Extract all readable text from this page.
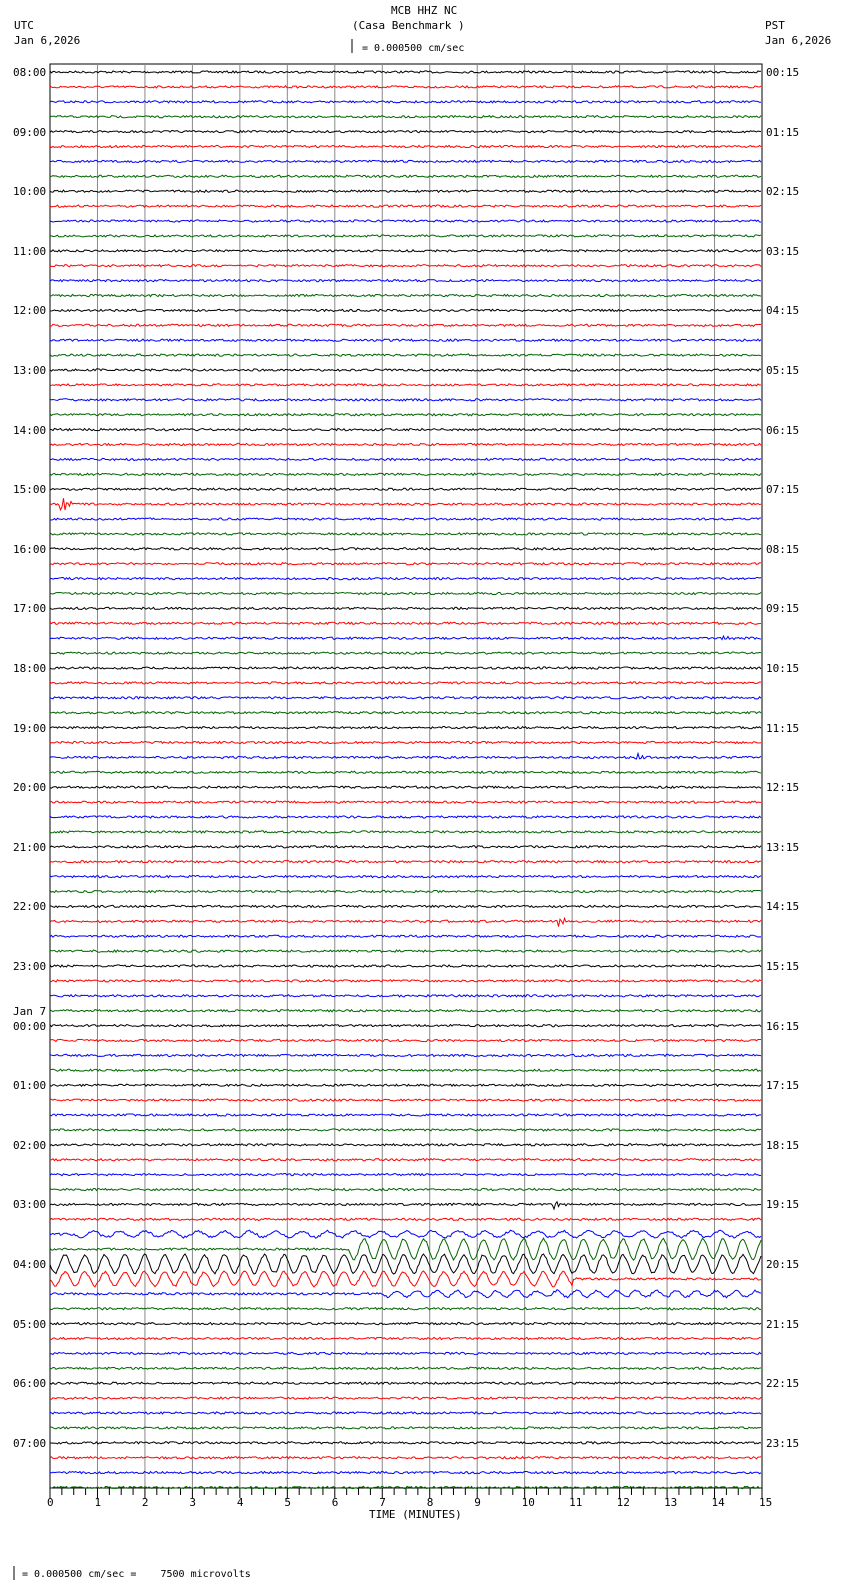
MCB HHZ NC
(Casa Benchmark )
UTC
Jan 6,2026
PST
Jan 6,2026
= 0.000500 cm/sec
TIME (MINUTES)
= 0.000500 cm/sec =    7500 microvolts
0	1	2	3	4	5	6	7	8	9	10	11	12	13	14	15
08:00
09:00
10:00
11:00
12:00
13:00
14:00
15:00
16:00
17:00
18:00
19:00
20:00
21:00
22:00
23:00
00:00
01:00
02:00
03:00
04:00
05:00
06:00
07:00
Jan 7
00:15
01:15
02:15
03:15
04:15
05:15
06:15
07:15
08:15
09:15
10:15
11:15
12:15
13:15
14:15
15:15
16:15
17:15
18:15
19:15
20:15
21:15
22:15
23:15
